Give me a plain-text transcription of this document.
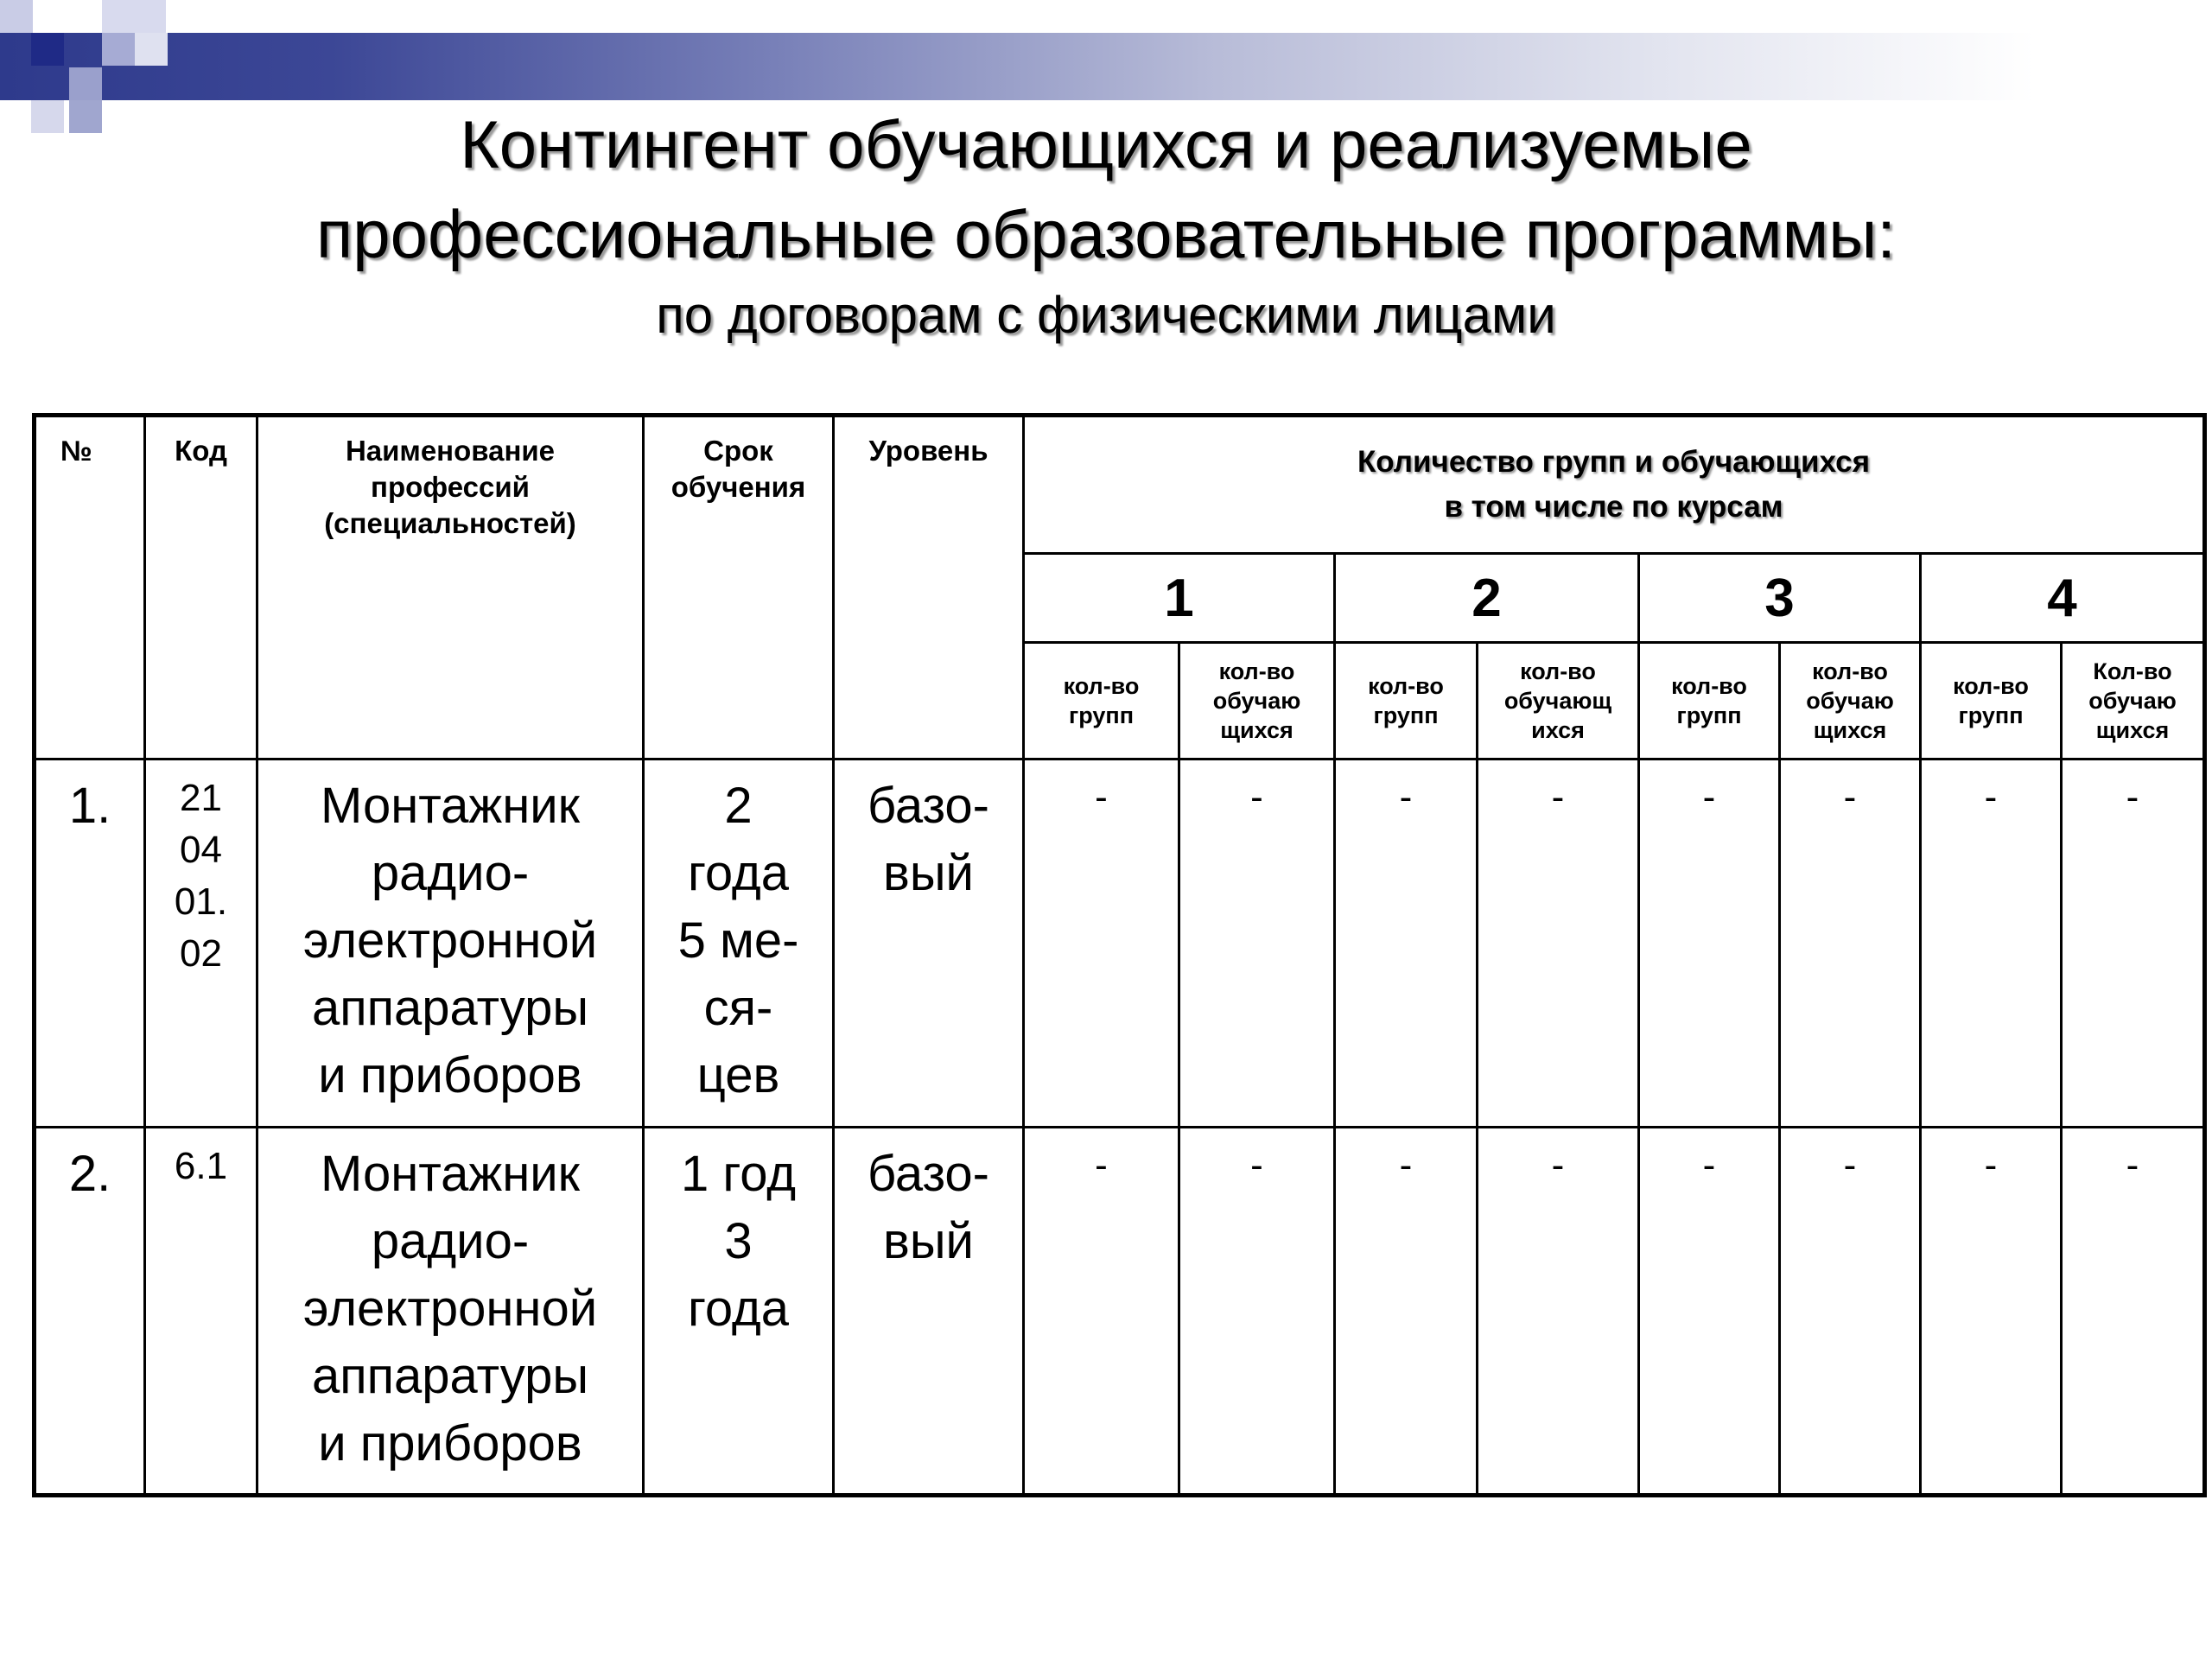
Контингент обучающихся и реализуемые
профессиональные образовательные программы:
по договорам с физическими лицами
№	Код	Наименование
профессий
(специальностей)	Срок
обучения	Уровень	Количество групп и обучающихся
в том числе по курсам							
					1		2		3		4	
					кол-во
групп	кол-во
обучаю
щихся	кол-во
групп	кол-во
обучающ
ихся	кол-во
групп	кол-во
обучаю
щихся	кол-во
групп	Кол-во
обучаю
щихся
1.	21
04
01.
02	Монтажник
радио-
электронной
аппаратуры
и приборов	2
года
5 ме-
ся-
цев	базо-
вый	-	-	-	-	-	-	-	-
2.	6.1	Монтажник
радио-
электронной
аппаратуры
и приборов	1 год
3
года	базо-
вый	-	-	-	-	-	-	-	-
